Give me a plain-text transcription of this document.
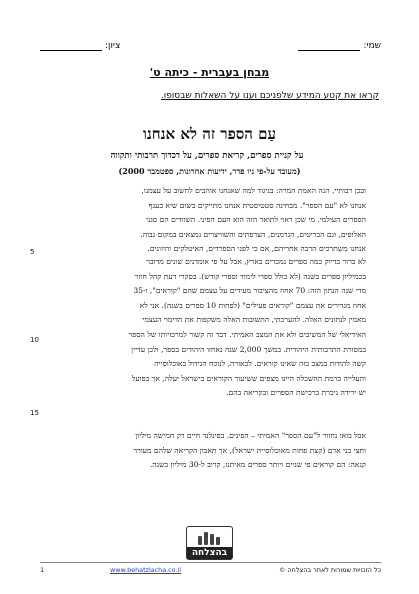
שמי:
ציון:
מבחן בעברית - כיתה ט'
קראו את קטע המידע שלפניכם וענו על השאלות שבסופו.
עַם הספר זה לא אנחנו
על קניית ספרים, קריאת ספרים, על דכדוך תרבותי ותקווה
(מעובד על-פי ניו פדר, ידיעות אחרונות, ספטמבר 2000)
ובכן רבותיי, הנה האמת המרה: בניגוד למה שאנחנו אוהבים לחשוב על עצמנו,
אנחנו לא "עם הספר". מבחינה סטטיסטית אנחנו מתייקים בשום שיא בענף
הספרים העולמי. מי שכן ראוי לתואר הזה הוא העם הפיני. השוודים הם סגני
האלופים, וגם הבריטים, הגרמנים, הצרפתים והשוויצרים נמצאים במקום גבוה.
אנחנו מִשְׂתרכים הרבה אחריהם, אם כי לפני הספרדים, האיטלקים והיוונים.
5
לא ברור בדיוק כמה ספרים נמכרים בארץ, אבל על פי אומדנים שונים מדובר
בכמיליון ספרים בשנה (לא כולל ספרי לימוד וספרי קודש). בסקרי דעת קהל חוזר
מדי שנה הנתון הזה: 70 אחוז מהציבור מעידים על עצמם שהם "קוראים", ו-35
אחוז מגדירים את עצמם "קוראים פעילים" (לפחות 10 ספרים בשנה). אני לא
מאמין לנתונים האלה. להערכתי, התשובות האלה משקפות את הדימוי העצמי
האידיאלי של המשיבים ולא את המצב האמיתי. דבר זה קשור למרכזיותו של הספר
במסורת התרבותית היהודית. במשך 2,000 שנה נאחזו היהודים בספר, ולכן עדיין
קשה להודות במצב כזה שאינו קוראים. לכאורה, לנוכח הגידול באוכלוסייה
והעלייה ברמת ההשכלה היינו מצפים ששיעור הקוראים בישראל יעלה, אך בפועל
יש ירידה ניכרת ברכישת הספרים ובקריאה בהם.
10
15
אבל בואו נחזור ל"עם הספר" האמיתי – הפינים. בפינלנד חיים רק חמישה מיליון
וחצי בני אדם (קצת פחות מאוכלוסיית ישראל), אך תאבון הקריאה שלהם מעורר
קנאה: הם קוראים פי שניים ויותר ספרים מאיתנו, קרוב ל-30 מיליון בשנה.
בהצלחה
1	www.behatzlacha.co.il	כל הזכויות שמורות לאתר בהצלחה ©
